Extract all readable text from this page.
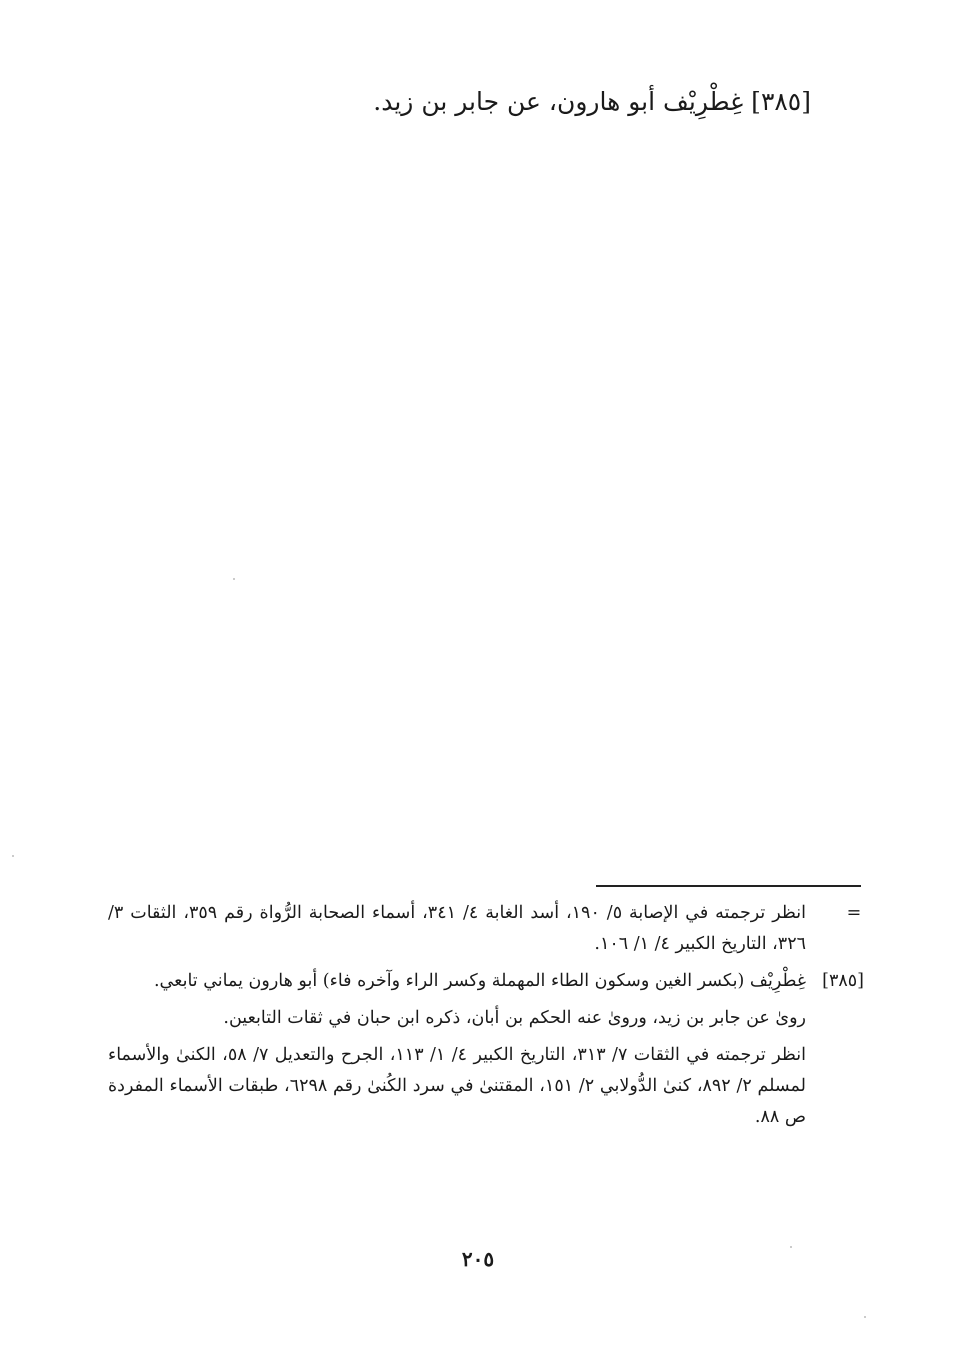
[٣٨٥] غِطْرِيْف أبو هارون، عن جابر بن زيد.
=
انظر ترجمته في الإصابة ٥/ ١٩٠، أسد الغابة ٤/ ٣٤١، أسماء الصحابة الرُّواة رقم ٣٥٩، الثقات ٣/ ٣٢٦، التاريخ الكبير ٤/ ١/ ١٠٦.
[٣٨٥]
غِطْرِيْف (بكسر الغين وسكون الطاء المهملة وكسر الراء وآخره فاء) أبو هارون يماني تابعي.
روىٰ عن جابر بن زيد، وروىٰ عنه الحكم بن أبان، ذكره ابن حبان في ثقات التابعين.
انظر ترجمته في الثقات ٧/ ٣١٣، التاريخ الكبير ٤/ ١/ ١١٣، الجرح والتعديل ٧/ ٥٨، الكنىٰ والأسماء لمسلم ٢/ ٨٩٢، كنىٰ الدُّولابي ٢/ ١٥١، المقتنىٰ في سرد الكُنىٰ رقم ٦٢٩٨، طبقات الأسماء المفردة ص ٨٨.
٢٠٥
